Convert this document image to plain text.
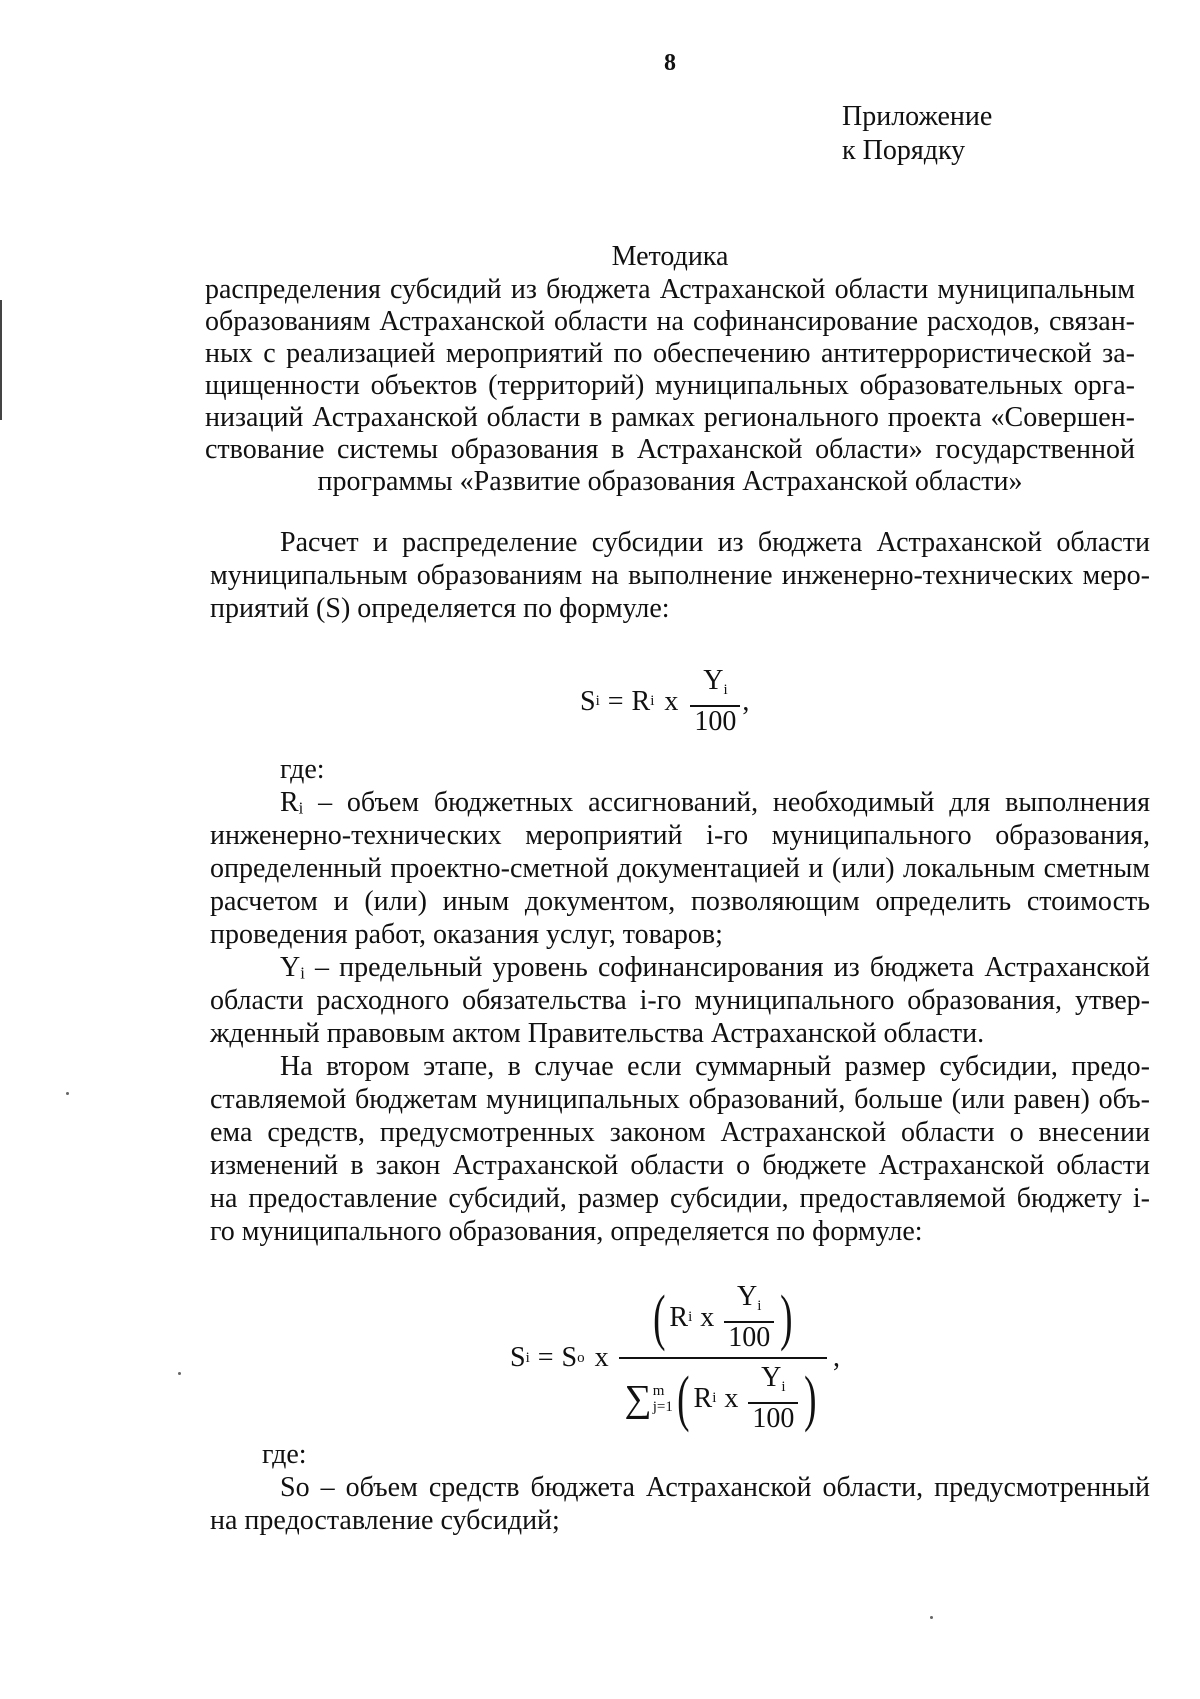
8
Приложение
к Порядку
Методика
распределения субсидий из бюджета Астраханской области муниципальным
образованиям Астраханской области на софинансирование расходов, связан-
ных с реализацией мероприятий по обеспечению антитеррористической за-
щищенности объектов (территорий) муниципальных образовательных орга-
низаций Астраханской области в рамках регионального проекта «Совершен-
ствование системы образования в Астраханской области» государственной
программы «Развитие образования Астраханской области»
Расчет и распределение субсидии из бюджета Астраханской области
муниципальным образованиям на выполнение инженерно-технических меро-
приятий (S) определяется по формуле:
где:
Rᵢ – объем бюджетных ассигнований, необходимый для выполнения
инженерно-технических мероприятий i-го муниципального образования,
определенный проектно-сметной документацией и (или) локальным сметным
расчетом и (или) иным документом, позволяющим определить стоимость
проведения работ, оказания услуг, товаров;
Yᵢ – предельный уровень софинансирования из бюджета Астраханской
области расходного обязательства i-го муниципального образования, утвер-
жденный правовым актом Правительства Астраханской области.
На втором этапе, в случае если суммарный размер субсидии, предо-
ставляемой бюджетам муниципальных образований, больше (или равен) объ-
ема средств, предусмотренных законом Астраханской области о внесении
изменений в закон Астраханской области о бюджете Астраханской области
на предоставление субсидий, размер субсидии, предоставляемой бюджету i-
го муниципального образования, определяется по формуле:
где:
So – объем средств бюджета Астраханской области, предусмотренный
на предоставление субсидий;
S i = R i x $\frac{Y_i}{100}$ ,
S i = S o x
( R i x $\frac{Y_i}{100}$ )
∑ m
j=1 ( R i x $\frac{Y_i}{100}$ )
,
